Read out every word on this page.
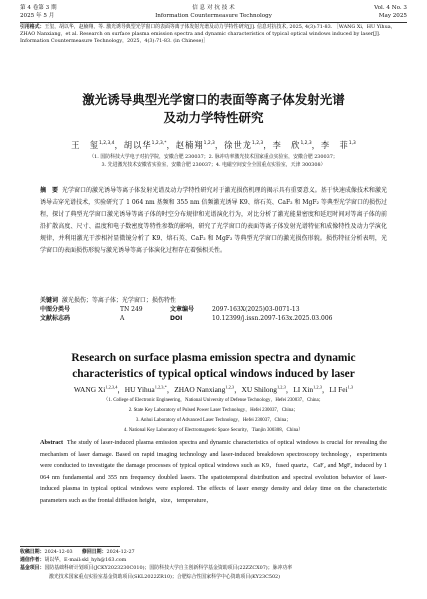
第 4 卷第 3 期
2025 年 5 月
信 息 对 抗 技 术
Information Countermeasure Technology
Vol. 4 No. 3
May 2025
引用格式：王玺，胡以华，赵楠翔，等. 激光诱导典型光学窗口的表面等离子体发射光谱及动力学特性研究[J]. 信息对抗技术, 2025, 4(3):71-83. ［WANG Xi，HU Yihua，ZHAO Nanxiang，et al. Research on surface plasma emission spectra and dynamic characteristics of typical optical windows induced by laser[J]. Information Countermeasure Technology，2025，4(3):71-83. (in Chinese)］
激光诱导典型光学窗口的表面等离子体发射光谱
及动力学特性研究
王　玺$^{1,2,3,4}$，胡以华$^{1,2,3,*}$，赵楠翔$^{1,2,3}$，徐世龙$^{1,2,3}$，李　欣$^{1,2,3}$，李　菲$^{1,3}$
（1. 国防科技大学电子对抗学院，安徽合肥 230037；2. 脉冲功率激光技术国家重点实验室，安徽合肥 230037；
3. 先进激光技术安徽省实验室，安徽合肥 230037；4. 电磁空间安全全国重点实验室，天津 300308）
摘　要 光学窗口的激光诱导等离子体发射光谱及动力学特性研究对于激光损伤机理的揭示具有重要意义。基于快速成像技术和激光诱导击穿光谱技术，实验研究了 1 064 nm 基频和 355 nm 倍频激光诱导 K9、熔石英、CaF₂ 和 MgF₂ 等典型光学窗口的损伤过程，探讨了典型光学窗口激光诱导等离子体的时空分布规律和光谱演化行为，对比分析了激光能量密度和延迟时间对等离子体的前沿扩散高度、尺寸、温度和电子数密度等特性参数的影响，研究了光学窗口的表面等离子体发射光谱特征和成像特性及动力学演化规律，并利用激光干涉相衬显微镜分析了 K9、熔石英、CaF₂ 和 MgF₂ 等典型光学窗口的激光损伤形貌。损伤特征分析表明，光学窗口的表面损伤形貌与激光诱导等离子体演化过程存在着强相关性。
关键词 激光损伤；等离子体；光学窗口；损伤特性
中图分类号	TN 249	文章编号	2097-163X(2025)03-0071-13
文献标志码	A	DOI	10.12399/j.issn.2097-163x.2025.03.006
Research on surface plasma emission spectra and dynamic
characteristics of typical optical windows induced by laser
WANG Xi$^{1,2,3,4}$，HU Yihua$^{1,2,3,*}$，ZHAO Nanxiang$^{1,2,3}$，XU Shilong$^{1,2,3}$，LI Xin$^{1,2,3}$，LI Fei$^{1,3}$
（1. College of Electronic Engineering，National University of Defense Technology，Hefei 230037，China；
2. State Key Laboratory of Pulsed Power Laser Technology，Hefei 230037，China；
3. Anhui Laboratory of Advanced Laser Technology，Hefei 230037，China；
4. National Key Laboratory of Electromagnetic Space Security，Tianjin 300308，China）
Abstract The study of laser-induced plasma emission spectra and dynamic characteristics of optical windows is crucial for revealing the mechanism of laser damage. Based on rapid imaging technology and laser-induced breakdown spectroscopy technology，experiments were conducted to investigate the damage processes of typical optical windows such as K9，fused quartz，CaF₂ and MgF₂ induced by 1 064 nm fundamental and 355 nm frequency doubled lasers. The spatiotemporal distribution and spectral evolution behavior of laser-induced plasma in typical optical windows were explored. The effects of laser energy density and delay time on the characteristic parameters such as the frontal diffusion height，size，temperature，
收稿日期：2024-12-03 修回日期：2024-12-27
通信作者：胡以华，E-mail:skl_hyh@163.com
基金项目：国防基础科研计划项目(JCKY2023230C010)；国防科技大学自主创新科学基金资助项目(22ZZCX07)；脉冲功率
激光技术国家重点实验室基金资助项目(SKL2022ZR10)；合肥综合性国家科学中心资助项目(KY23C502)
